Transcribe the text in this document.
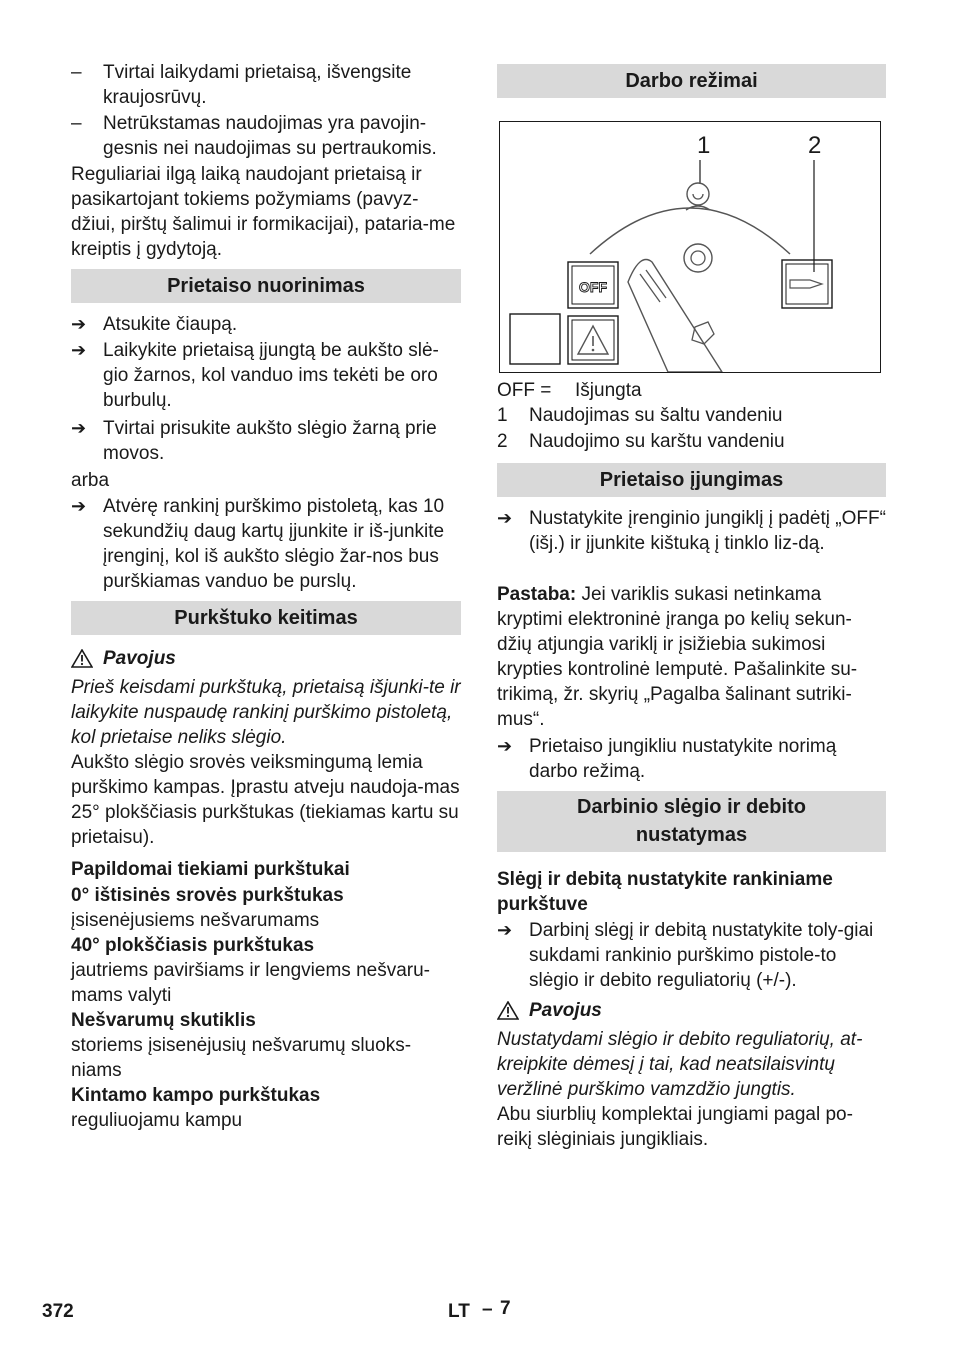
– Tvirtai laikydami prietaisą, išvengsite kraujosrūvų.
– Netrūkstamas naudojimas yra pavojin-gesnis nei naudojimas su pertraukomis.

Reguliariai ilgą laiką naudojant prietaisą ir pasikartojant tokiems požymiams (pavyz-džiui, pirštų šalimui ir formikacijai), pataria-me kreiptis į gydytoją.

Prietaiso nuorinimas
➔ Atsukite čiaupą.
➔ Laikykite prietaisą įjungtą be aukšto slė-gio žarnos, kol vanduo ims tekėti be oro burbulų.
➔ Tvirtai prisukite aukšto slėgio žarną prie movos.

arba

➔ Atvėrę rankinį purškimo pistoletą, kas 10 sekundžių daug kartų įjunkite ir iš-junkite įrenginį, kol iš aukšto slėgio žar-nos bus purškiamas vanduo be purslų.
Purkštuko keitimas
Pavojus

Prieš keisdami purkštuką, prietaisą išjunki-te ir laikykite nuspaudę rankinį purškimo pistoletą, kol prietaise neliks slėgio.

Aukšto slėgio srovės veiksmingumą lemia purškimo kampas. Įprastu atveju naudoja-mas 25° plokščiasis purkštukas (tiekiamas kartu su prietaisu).

Papildomai tiekiami purkštukai

0° ištisinės srovės purkštukas

įsisenėjusiems nešvarumams

40° plokščiasis purkštukas

jautriems paviršiams ir lengviems nešvaru-mams valyti

Nešvarumų skutiklis

storiems įsisenėjusių nešvarumų sluoks-niams

Kintamo kampo purkštukas

reguliuojamu kampu

Darbo režimai
1	2
OFF
OFF = Išjungta
1 Naudojimas su šaltu vandeniu
2 Naudojimo su karštu vandeniu
Prietaiso įjungimas
➔ Nustatykite įrenginio jungiklį į padėtį „OFF“ (išj.) ir įjunkite kištuką į tinklo liz-dą.

Pastaba: Jei variklis sukasi netinkama kryptimi elektroninė įranga po kelių sekun-džių atjungia variklį ir įsižiebia sukimosi krypties kontrolinė lemputė. Pašalinkite su-trikimą, žr. skyrių „Pagalba šalinant sutriki-mus“.

➔ Prietaiso jungikliu nustatykite norimą darbo režimą.
Darbinio slėgio ir debito
nustatymas

Slėgį ir debitą nustatykite rankiniame purkštuve

➔ Darbinį slėgį ir debitą nustatykite toly-giai sukdami rankinio purškimo pistole-to slėgio ir debito reguliatorių (+/-).
Pavojus

Nustatydami slėgio ir debito reguliatorių, at-kreipkite dėmesį į tai, kad neatsilaisvintų veržlinė purškimo vamzdžio jungtis.

Abu siurblių komplektai jungiami pagal po-reikį slėginiais jungikliais.

372	LT – 7
